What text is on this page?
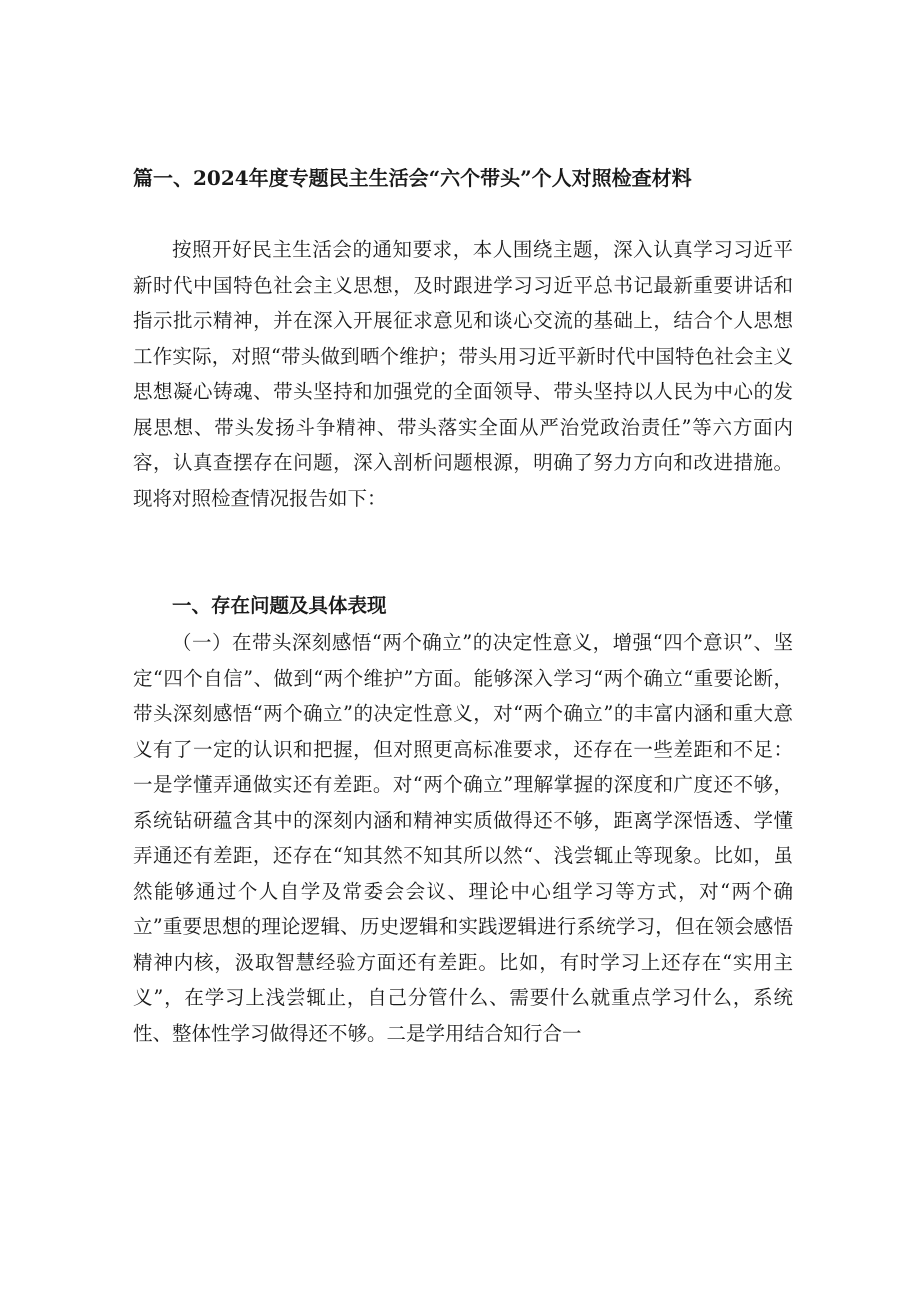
篇一、2024年度专题民主生活会“六个带头”个人对照检查材料

按照开好民主生活会的通知要求，本人围绕主题，深入认真学习习近平新时代中国特色社会主义思想，及时跟进学习习近平总书记最新重要讲话和指示批示精神，并在深入开展征求意见和谈心交流的基础上，结合个人思想工作实际，对照“带头做到晒个维护；带头用习近平新时代中国特色社会主义思想凝心铸魂、带头坚持和加强党的全面领导、带头坚持以人民为中心的发展思想、带头发扬斗争精神、带头落实全面从严治党政治责任”等六方面内容，认真查摆存在问题，深入剖析问题根源，明确了努力方向和改进措施。现将对照检查情况报告如下：

一、存在问题及具体表现

（一）在带头深刻感悟“两个确立”的决定性意义，增强“四个意识”、坚定“四个自信”、做到“两个维护”方面。能够深入学习“两个确立“重要论断，带头深刻感悟“两个确立”的决定性意义，对“两个确立”的丰富内涵和重大意义有了一定的认识和把握，但对照更高标准要求，还存在一些差距和不足：一是学懂弄通做实还有差距。对“两个确立”理解掌握的深度和广度还不够，系统钻研蕴含其中的深刻内涵和精神实质做得还不够，距离学深悟透、学懂弄通还有差距，还存在“知其然不知其所以然“、浅尝辄止等现象。比如，虽然能够通过个人自学及常委会会议、理论中心组学习等方式，对“两个确立”重要思想的理论逻辑、历史逻辑和实践逻辑进行系统学习，但在领会感悟精神内核，汲取智慧经验方面还有差距。比如，有时学习上还存在“实用主义”，在学习上浅尝辄止，自己分管什么、需要什么就重点学习什么，系统性、整体性学习做得还不够。二是学用结合知行合一
